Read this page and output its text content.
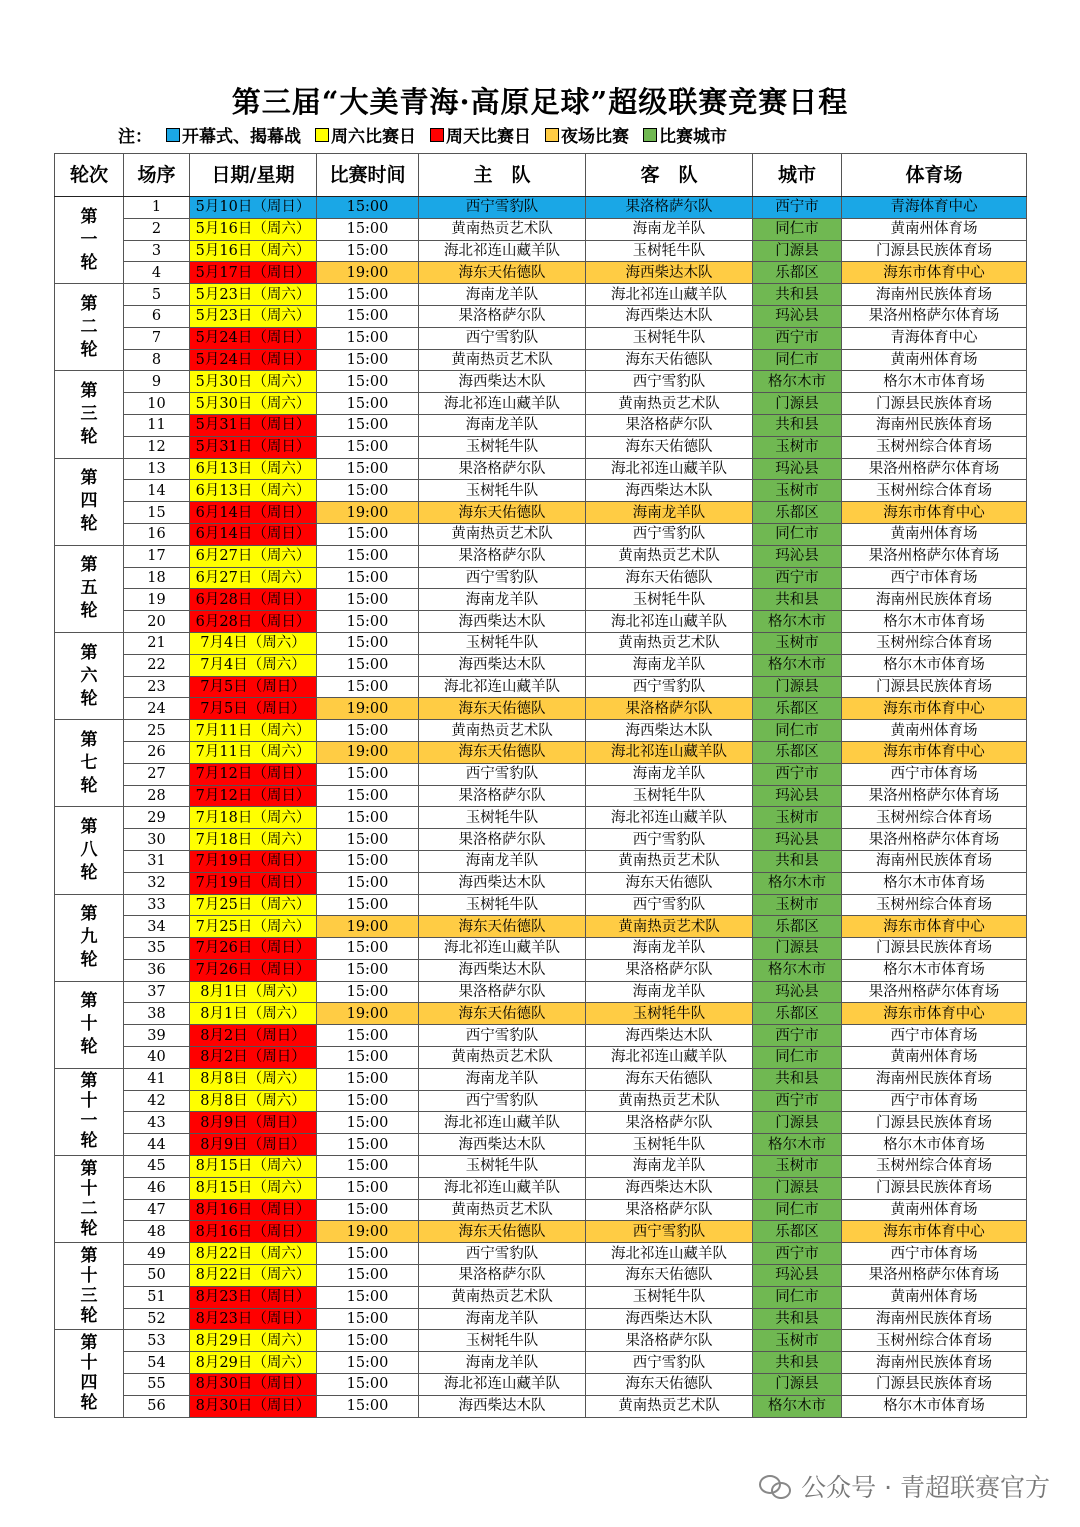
第三届“大美青海·高原足球”超级联赛竞赛日程
注： 开幕式、揭幕战 周六比赛日 周天比赛日 夜场比赛 比赛城市
轮次	场序	日期/星期	比赛时间	主　队	客　队	城市	体育场
第一轮	1	5月10日（周日）	15:00	西宁雪豹队	果洛格萨尔队	西宁市	青海体育中心
	2	5月16日（周六）	15:00	黄南热贡艺术队	海南龙羊队	同仁市	黄南州体育场
	3	5月16日（周六）	15:00	海北祁连山藏羊队	玉树牦牛队	门源县	门源县民族体育场
	4	5月17日（周日）	19:00	海东天佑德队	海西柴达木队	乐都区	海东市体育中心
第二轮	5	5月23日（周六）	15:00	海南龙羊队	海北祁连山藏羊队	共和县	海南州民族体育场
	6	5月23日（周六）	15:00	果洛格萨尔队	海西柴达木队	玛沁县	果洛州格萨尔体育场
	7	5月24日（周日）	15:00	西宁雪豹队	玉树牦牛队	西宁市	青海体育中心
	8	5月24日（周日）	15:00	黄南热贡艺术队	海东天佑德队	同仁市	黄南州体育场
第三轮	9	5月30日（周六）	15:00	海西柴达木队	西宁雪豹队	格尔木市	格尔木市体育场
	10	5月30日（周六）	15:00	海北祁连山藏羊队	黄南热贡艺术队	门源县	门源县民族体育场
	11	5月31日（周日）	15:00	海南龙羊队	果洛格萨尔队	共和县	海南州民族体育场
	12	5月31日（周日）	15:00	玉树牦牛队	海东天佑德队	玉树市	玉树州综合体育场
第四轮	13	6月13日（周六）	15:00	果洛格萨尔队	海北祁连山藏羊队	玛沁县	果洛州格萨尔体育场
	14	6月13日（周六）	15:00	玉树牦牛队	海西柴达木队	玉树市	玉树州综合体育场
	15	6月14日（周日）	19:00	海东天佑德队	海南龙羊队	乐都区	海东市体育中心
	16	6月14日（周日）	15:00	黄南热贡艺术队	西宁雪豹队	同仁市	黄南州体育场
第五轮	17	6月27日（周六）	15:00	果洛格萨尔队	黄南热贡艺术队	玛沁县	果洛州格萨尔体育场
	18	6月27日（周六）	15:00	西宁雪豹队	海东天佑德队	西宁市	西宁市体育场
	19	6月28日（周日）	15:00	海南龙羊队	玉树牦牛队	共和县	海南州民族体育场
	20	6月28日（周日）	15:00	海西柴达木队	海北祁连山藏羊队	格尔木市	格尔木市体育场
第六轮	21	7月4日（周六）	15:00	玉树牦牛队	黄南热贡艺术队	玉树市	玉树州综合体育场
	22	7月4日（周六）	15:00	海西柴达木队	海南龙羊队	格尔木市	格尔木市体育场
	23	7月5日（周日）	15:00	海北祁连山藏羊队	西宁雪豹队	门源县	门源县民族体育场
	24	7月5日（周日）	19:00	海东天佑德队	果洛格萨尔队	乐都区	海东市体育中心
第七轮	25	7月11日（周六）	15:00	黄南热贡艺术队	海西柴达木队	同仁市	黄南州体育场
	26	7月11日（周六）	19:00	海东天佑德队	海北祁连山藏羊队	乐都区	海东市体育中心
	27	7月12日（周日）	15:00	西宁雪豹队	海南龙羊队	西宁市	西宁市体育场
	28	7月12日（周日）	15:00	果洛格萨尔队	玉树牦牛队	玛沁县	果洛州格萨尔体育场
第八轮	29	7月18日（周六）	15:00	玉树牦牛队	海北祁连山藏羊队	玉树市	玉树州综合体育场
	30	7月18日（周六）	15:00	果洛格萨尔队	西宁雪豹队	玛沁县	果洛州格萨尔体育场
	31	7月19日（周日）	15:00	海南龙羊队	黄南热贡艺术队	共和县	海南州民族体育场
	32	7月19日（周日）	15:00	海西柴达木队	海东天佑德队	格尔木市	格尔木市体育场
第九轮	33	7月25日（周六）	15:00	玉树牦牛队	西宁雪豹队	玉树市	玉树州综合体育场
	34	7月25日（周六）	19:00	海东天佑德队	黄南热贡艺术队	乐都区	海东市体育中心
	35	7月26日（周日）	15:00	海北祁连山藏羊队	海南龙羊队	门源县	门源县民族体育场
	36	7月26日（周日）	15:00	海西柴达木队	果洛格萨尔队	格尔木市	格尔木市体育场
第十轮	37	8月1日（周六）	15:00	果洛格萨尔队	海南龙羊队	玛沁县	果洛州格萨尔体育场
	38	8月1日（周六）	19:00	海东天佑德队	玉树牦牛队	乐都区	海东市体育中心
	39	8月2日（周日）	15:00	西宁雪豹队	海西柴达木队	西宁市	西宁市体育场
	40	8月2日（周日）	15:00	黄南热贡艺术队	海北祁连山藏羊队	同仁市	黄南州体育场
第十一轮	41	8月8日（周六）	15:00	海南龙羊队	海东天佑德队	共和县	海南州民族体育场
	42	8月8日（周六）	15:00	西宁雪豹队	黄南热贡艺术队	西宁市	西宁市体育场
	43	8月9日（周日）	15:00	海北祁连山藏羊队	果洛格萨尔队	门源县	门源县民族体育场
	44	8月9日（周日）	15:00	海西柴达木队	玉树牦牛队	格尔木市	格尔木市体育场
第十二轮	45	8月15日（周六）	15:00	玉树牦牛队	海南龙羊队	玉树市	玉树州综合体育场
	46	8月15日（周六）	15:00	海北祁连山藏羊队	海西柴达木队	门源县	门源县民族体育场
	47	8月16日（周日）	15:00	黄南热贡艺术队	果洛格萨尔队	同仁市	黄南州体育场
	48	8月16日（周日）	19:00	海东天佑德队	西宁雪豹队	乐都区	海东市体育中心
第十三轮	49	8月22日（周六）	15:00	西宁雪豹队	海北祁连山藏羊队	西宁市	西宁市体育场
	50	8月22日（周六）	15:00	果洛格萨尔队	海东天佑德队	玛沁县	果洛州格萨尔体育场
	51	8月23日（周日）	15:00	黄南热贡艺术队	玉树牦牛队	同仁市	黄南州体育场
	52	8月23日（周日）	15:00	海南龙羊队	海西柴达木队	共和县	海南州民族体育场
第十四轮	53	8月29日（周六）	15:00	玉树牦牛队	果洛格萨尔队	玉树市	玉树州综合体育场
	54	8月29日（周六）	15:00	海南龙羊队	西宁雪豹队	共和县	海南州民族体育场
	55	8月30日（周日）	15:00	海北祁连山藏羊队	海东天佑德队	门源县	门源县民族体育场
	56	8月30日（周日）	15:00	海西柴达木队	黄南热贡艺术队	格尔木市	格尔木市体育场
公众号 · 青超联赛官方
